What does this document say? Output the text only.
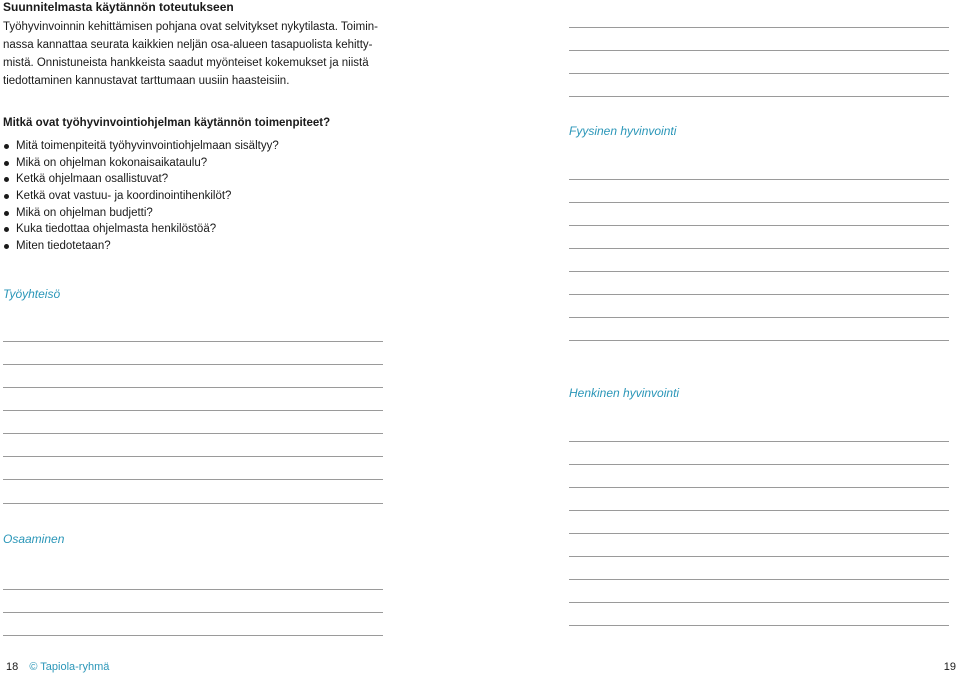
Suunnitelmasta käytännön toteutukseen
Työhyvinvoinnin kehittämisen pohjana ovat selvitykset nykytilasta. Toimin-
nassa kannattaa seurata kaikkien neljän osa-alueen tasapuolista kehitty-
mistä. Onnistuneista hankkeista saadut myönteiset kokemukset ja niistä
tiedottaminen kannustavat tarttumaan uusiin haasteisiin.
Mitkä ovat työhyvinvointiohjelman käytännön toimenpiteet?
Mitä toimenpiteitä työhyvinvointiohjelmaan sisältyy?
Mikä on ohjelman kokonaisaikataulu?
Ketkä ohjelmaan osallistuvat?
Ketkä ovat vastuu- ja koordinointihenkilöt?
Mikä on ohjelman budjetti?
Kuka tiedottaa ohjelmasta henkilöstöä?
Miten tiedotetaan?
Työyhteisö
Osaaminen
Fyysinen hyvinvointi
Henkinen hyvinvointi
18 © Tapiola-ryhmä	19
